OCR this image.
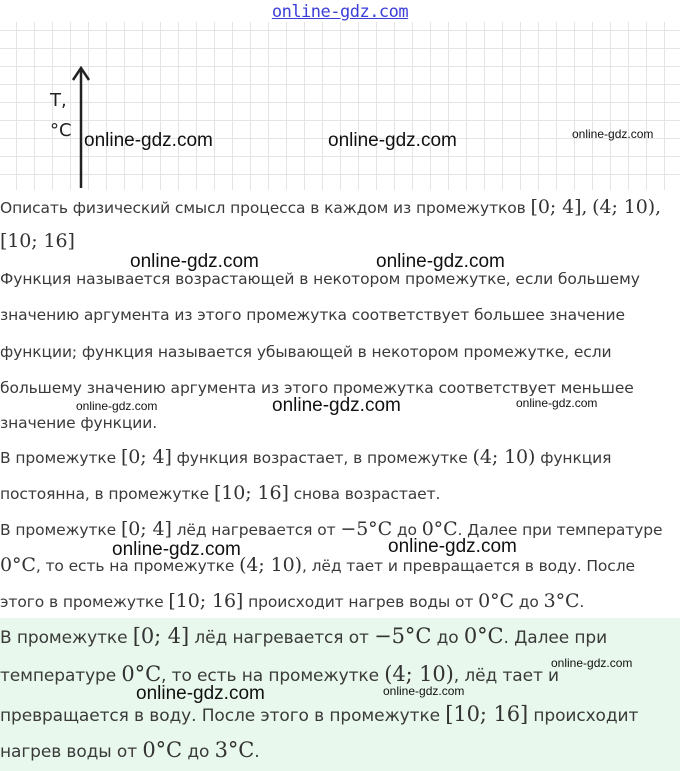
online-gdz.com
T,
°C
Описать физический смысл процесса в каждом из промежутков [0; 4], (4; 10),
[10; 16]
Функция называется возрастающей в некотором промежутке, если большему
значению аргумента из этого промежутка соответствует большее значение
функции; функция называется убывающей в некотором промежутке, если
большему значению аргумента из этого промежутка соответствует меньшее
значение функции.
В промежутке [0; 4] функция возрастает, в промежутке (4; 10) функция
постоянна, в промежутке [10; 16] снова возрастает.
В промежутке [0; 4] лёд нагревается от −5°C до 0°C. Далее при температуре
0°C, то есть на промежутке (4; 10), лёд тает и превращается в воду. После
этого в промежутке [10; 16] происходит нагрев воды от 0°C до 3°C.
В промежутке [0; 4] лёд нагревается от −5°C до 0°C. Далее при
температуре 0°C, то есть на промежутке (4; 10), лёд тает и
превращается в воду. После этого в промежутке [10; 16] происходит
нагрев воды от 0°C до 3°C.
online-gdz.com	online-gdz.com	online-gdz.com
online-gdz.com	online-gdz.com
online-gdz.com	online-gdz.com	online-gdz.com
online-gdz.com	online-gdz.com
online-gdz.com
online-gdz.com	online-gdz.com
